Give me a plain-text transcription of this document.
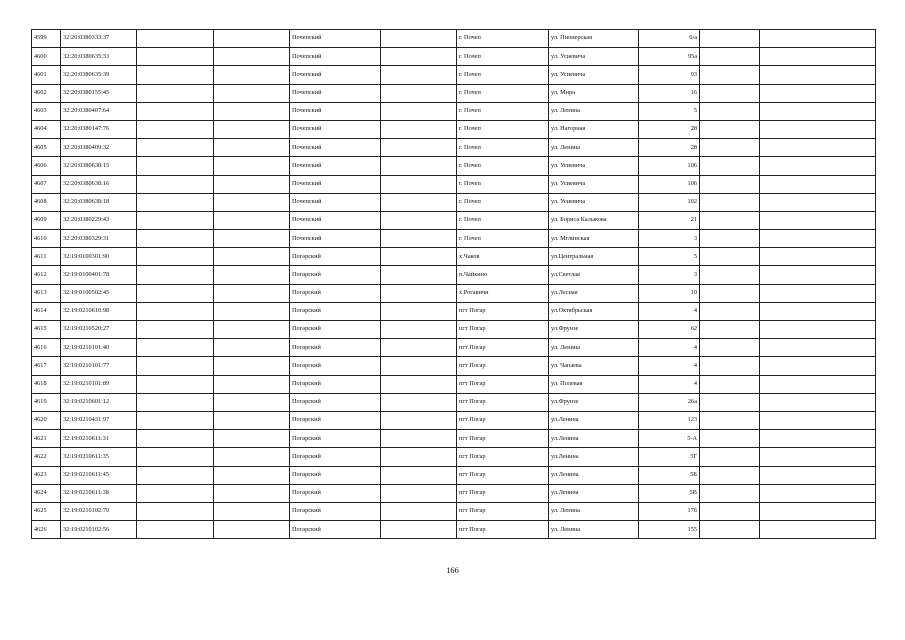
4599	32:20:0380333:37			Почепский		г. Почеп	ул. Пионерская	6/а		
4600	32:20:0380635:33			Почепский		г. Почеп	ул. Усиевича	95а		
4601	32:20:0380635:39			Почепский		г. Почеп	ул. Усиевича	93		
4602	32:20:0380155:45			Почепский		г. Почеп	ул. Мира	16		
4603	32:20:0380407:64			Почепский		г. Почеп	ул. Ленина	5		
4604	32:20:0380147:76			Почепский		г. Почеп	ул. Нагорная	28		
4605	32:20:0380409:32			Почепский		г. Почеп	ул. Ленина	28		
4606	32:20:0380638:15			Почепский		г. Почеп	ул. Усиевича	106		
4607	32:20:0380638:16			Почепский		г. Почеп	ул. Усиевича	106		
4608	32:20:0380638:18			Почепский		г. Почеп	ул. Усиевича	102		
4609	32:20:0380229:43			Почепский		г. Почеп	ул. Бориса Калыкова	21		
4610	32:20:0380329:31			Почепский		г. Почеп	ул. Мглинская	3		
4611	32:19:0100301:90			Погарский		х.Чаков	ул.Центральная	5		
4612	32:19:0100401:78			Погарский		п.Чайкино	ул.Светлая	3		
4613	32:19:0100502:45			Погарский		х.Рогавичи	ул.Лесная	10		
4614	32:19:0210610:98			Погарский		пгт Погар	ул.Октябрьская	4		
4615	32:19:0210520:27			Погарский		пгт Погар	ул.Фрунзе	62		
4616	32:19:0210101:40			Погарский		пгт Погар	ул. Ленина	4		
4617	32:19:0210101:77			Погарский		пгт Погар	ул. Чапаева	4		
4618	32:19:0210101:89			Погарский		пгт Погар	ул. Полевая	4		
4619	32:19:0210601:12			Погарский		пгт Погар	ул.Фрунзе	26а		
4620	32:19:0210431:97			Погарский		пгт Погар	ул.Ленина	123		
4621	32:19:0210611:31			Погарский		пгт Погар	ул.Ленина	5-А		
4622	32:19:0210611:35			Погарский		пгт Погар	ул.Ленина	5Г		
4623	32:19:0210611:45			Погарский		пгт Погар	ул.Ленина	5Б		
4624	32:19:0210611:38			Погарский		пгт Погар	ул.Ленина	5В		
4625	32:19:0210102:70			Погарский		пгт Погар	ул. Ленина	17б		
4626	32:19:0210102:56			Погарский		пгт Погар	ул. Ленина	155		
166
